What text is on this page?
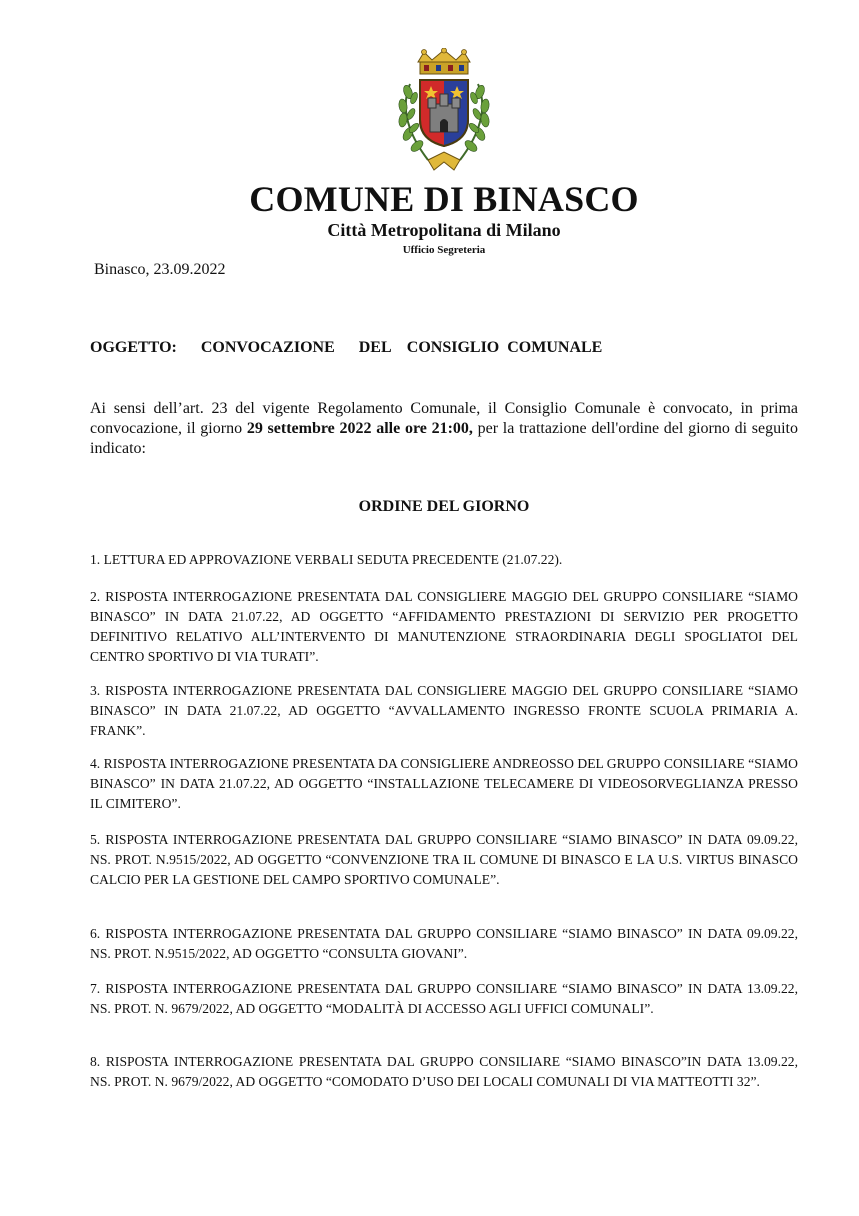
COMUNE DI BINASCO
Città Metropolitana di Milano
Ufficio Segreteria
Binasco, 23.09.2022
OGGETTO:   CONVOCAZIONE   DEL  CONSIGLIO COMUNALE
Ai sensi dell’art. 23 del vigente Regolamento Comunale, il Consiglio Comunale è convocato, in prima convocazione, il giorno 29 settembre 2022 alle ore 21:00, per la trattazione dell'ordine del giorno di seguito indicato:
ORDINE DEL GIORNO
1. LETTURA ED APPROVAZIONE VERBALI SEDUTA PRECEDENTE (21.07.22).
2. RISPOSTA INTERROGAZIONE PRESENTATA DAL CONSIGLIERE MAGGIO DEL GRUPPO CONSILIARE “SIAMO BINASCO” IN DATA 21.07.22, AD OGGETTO “AFFIDAMENTO PRESTAZIONI DI SERVIZIO PER PROGETTO DEFINITIVO RELATIVO ALL’INTERVENTO DI MANUTENZIONE STRAORDINARIA DEGLI SPOGLIATOI DEL CENTRO SPORTIVO DI VIA TURATI”.
3. RISPOSTA INTERROGAZIONE PRESENTATA DAL CONSIGLIERE MAGGIO DEL GRUPPO CONSILIARE “SIAMO BINASCO” IN DATA 21.07.22, AD OGGETTO “AVVALLAMENTO INGRESSO FRONTE SCUOLA PRIMARIA A. FRANK”.
4. RISPOSTA INTERROGAZIONE PRESENTATA DA CONSIGLIERE ANDREOSSO DEL GRUPPO CONSILIARE “SIAMO BINASCO” IN DATA 21.07.22, AD OGGETTO “INSTALLAZIONE TELECAMERE DI VIDEOSORVEGLIANZA PRESSO IL CIMITERO”.
5. RISPOSTA INTERROGAZIONE PRESENTATA DAL GRUPPO CONSILIARE “SIAMO BINASCO” IN DATA 09.09.22, NS. PROT. N.9515/2022, AD OGGETTO “CONVENZIONE TRA IL COMUNE DI BINASCO E LA U.S. VIRTUS BINASCO CALCIO PER LA GESTIONE DEL CAMPO SPORTIVO COMUNALE”.
6. RISPOSTA INTERROGAZIONE PRESENTATA DAL GRUPPO CONSILIARE “SIAMO BINASCO” IN DATA 09.09.22, NS. PROT. N.9515/2022, AD OGGETTO “CONSULTA GIOVANI”.
7. RISPOSTA INTERROGAZIONE PRESENTATA DAL GRUPPO CONSILIARE “SIAMO BINASCO” IN DATA 13.09.22, NS. PROT. N. 9679/2022, AD OGGETTO “MODALITÀ DI ACCESSO AGLI UFFICI COMUNALI”.
8. RISPOSTA INTERROGAZIONE PRESENTATA DAL GRUPPO CONSILIARE “SIAMO BINASCO”IN DATA 13.09.22, NS. PROT. N. 9679/2022, AD OGGETTO “COMODATO D’USO DEI LOCALI COMUNALI DI VIA MATTEOTTI 32”.
